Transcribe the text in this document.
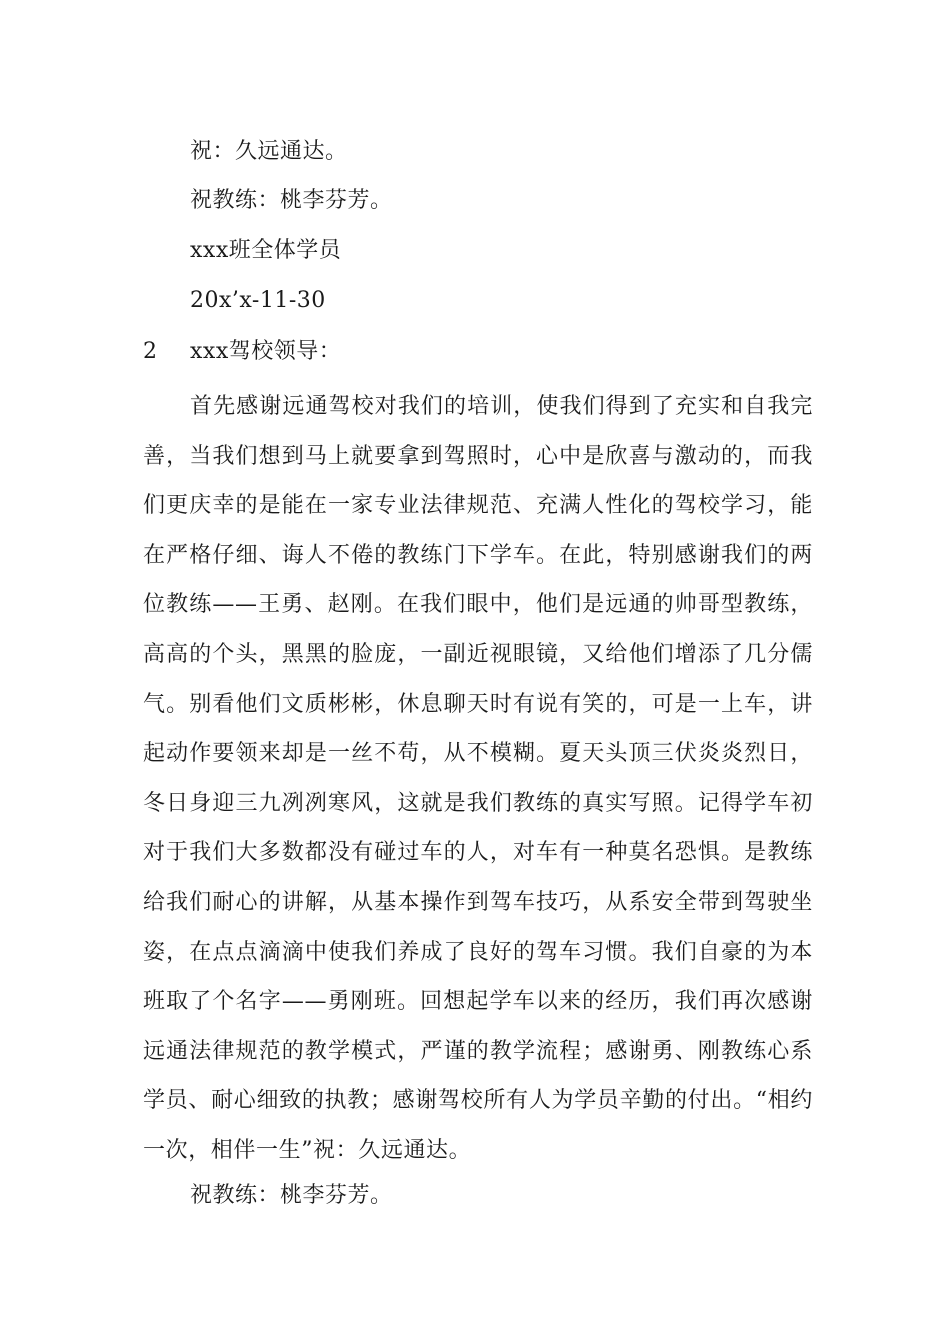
祝：久远通达。
祝教练：桃李芬芳。
xxx班全体学员
20x’x-11-30
2 xxx驾校领导：

首先感谢远通驾校对我们的培训，使我们得到了充实和自我完善，当我们想到马上就要拿到驾照时，心中是欣喜与激动的，而我们更庆幸的是能在一家专业法律规范、充满人性化的驾校学习，能在严格仔细、诲人不倦的教练门下学车。在此，特别感谢我们的两位教练——王勇、赵刚。在我们眼中，他们是远通的帅哥型教练，高高的个头，黑黑的脸庞，一副近视眼镜，又给他们增添了几分儒气。别看他们文质彬彬，休息聊天时有说有笑的，可是一上车，讲起动作要领来却是一丝不苟，从不模糊。夏天头顶三伏炎炎烈日，冬日身迎三九冽冽寒风，这就是我们教练的真实写照。记得学车初对于我们大多数都没有碰过车的人，对车有一种莫名恐惧。是教练给我们耐心的讲解，从基本操作到驾车技巧，从系安全带到驾驶坐姿，在点点滴滴中使我们养成了良好的驾车习惯。我们自豪的为本班取了个名字——勇刚班。回想起学车以来的经历，我们再次感谢远通法律规范的教学模式，严谨的教学流程；感谢勇、刚教练心系学员、耐心细致的执教；感谢驾校所有人为学员辛勤的付出。“相约一次，相伴一生”祝：久远通达。

祝教练：桃李芬芳。
